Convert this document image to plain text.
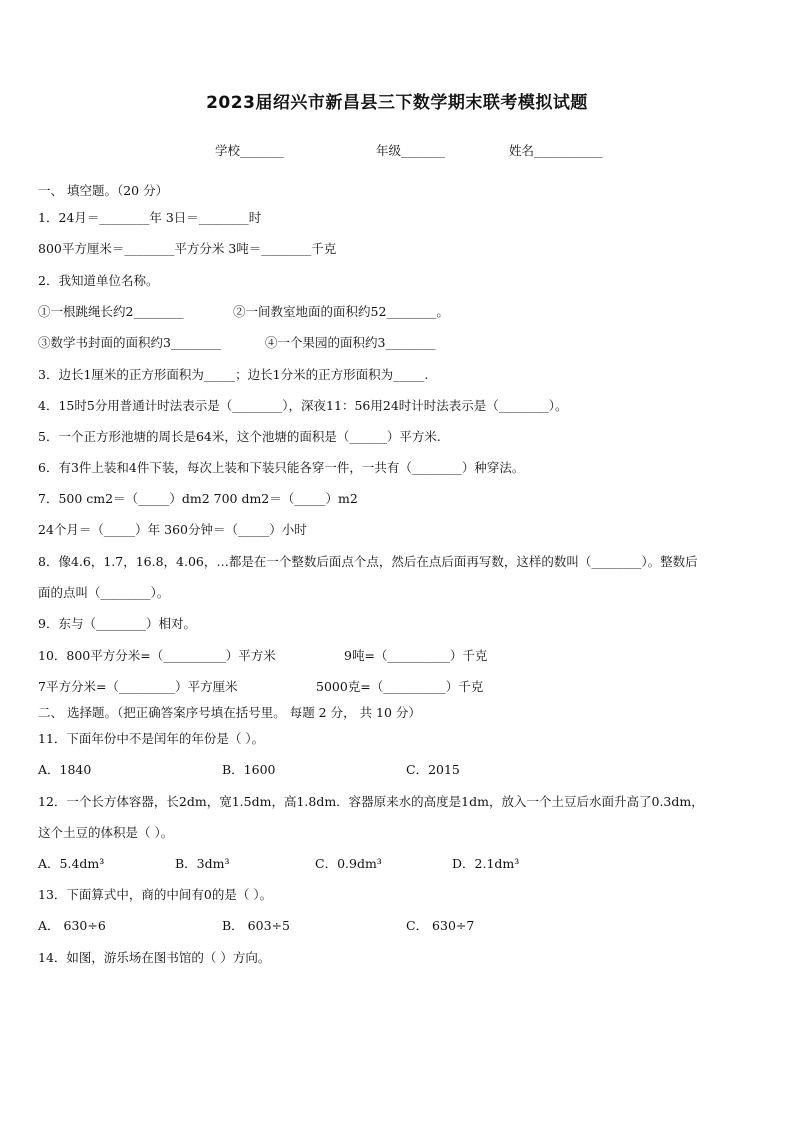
2023届绍兴市新昌县三下数学期末联考模拟试题
学校_______	年级_______	姓名___________
一、 填空题。（20 分）
1．24月＝________年 3日＝________时
800平方厘米＝________平方分米 3吨＝________千克
2．我知道单位名称。
①一根跳绳长约2________	②一间教室地面的面积约52________。
③数学书封面的面积约3________	④一个果园的面积约3________
3．边长1厘米的正方形面积为_____；边长1分米的正方形面积为_____.
4．15时5分用普通计时法表示是（________），深夜11：56用24时计时法表示是（________）。
5．一个正方形池塘的周长是64米，这个池塘的面积是（______）平方米.
6．有3件上装和4件下装，每次上装和下装只能各穿一件，一共有（________）种穿法。
7．500 cm2＝（_____）dm2 700 dm2＝（_____）m2
24个月＝（_____）年 360分钟＝（_____）小时
8．像4.6，1.7，16.8，4.06，…都是在一个整数后面点个点，然后在点后面再写数，这样的数叫（________）。整数后
面的点叫（________）。
9．东与（________）相对。
10．800平方分米=（__________）平方米	9吨=（__________）千克
7平方分米=（_________）平方厘米	5000克=（__________）千克
二、 选择题。（把正确答案序号填在括号里。 每题 2 分， 共 10 分）
11．下面年份中不是闰年的年份是（ ）。
A．1840	B．1600	C．2015
12．一个长方体容器，长2dm，宽1.5dm，高1.8dm．容器原来水的高度是1dm，放入一个土豆后水面升高了0.3dm，
这个土豆的体积是（ ）。
A．5.4dm³	B．3dm³	C．0.9dm³	D．2.1dm³
13．下面算式中，商的中间有0的是（ ）。
A． 630÷6	B． 603÷5	C． 630÷7
14．如图，游乐场在图书馆的（ ）方向。
